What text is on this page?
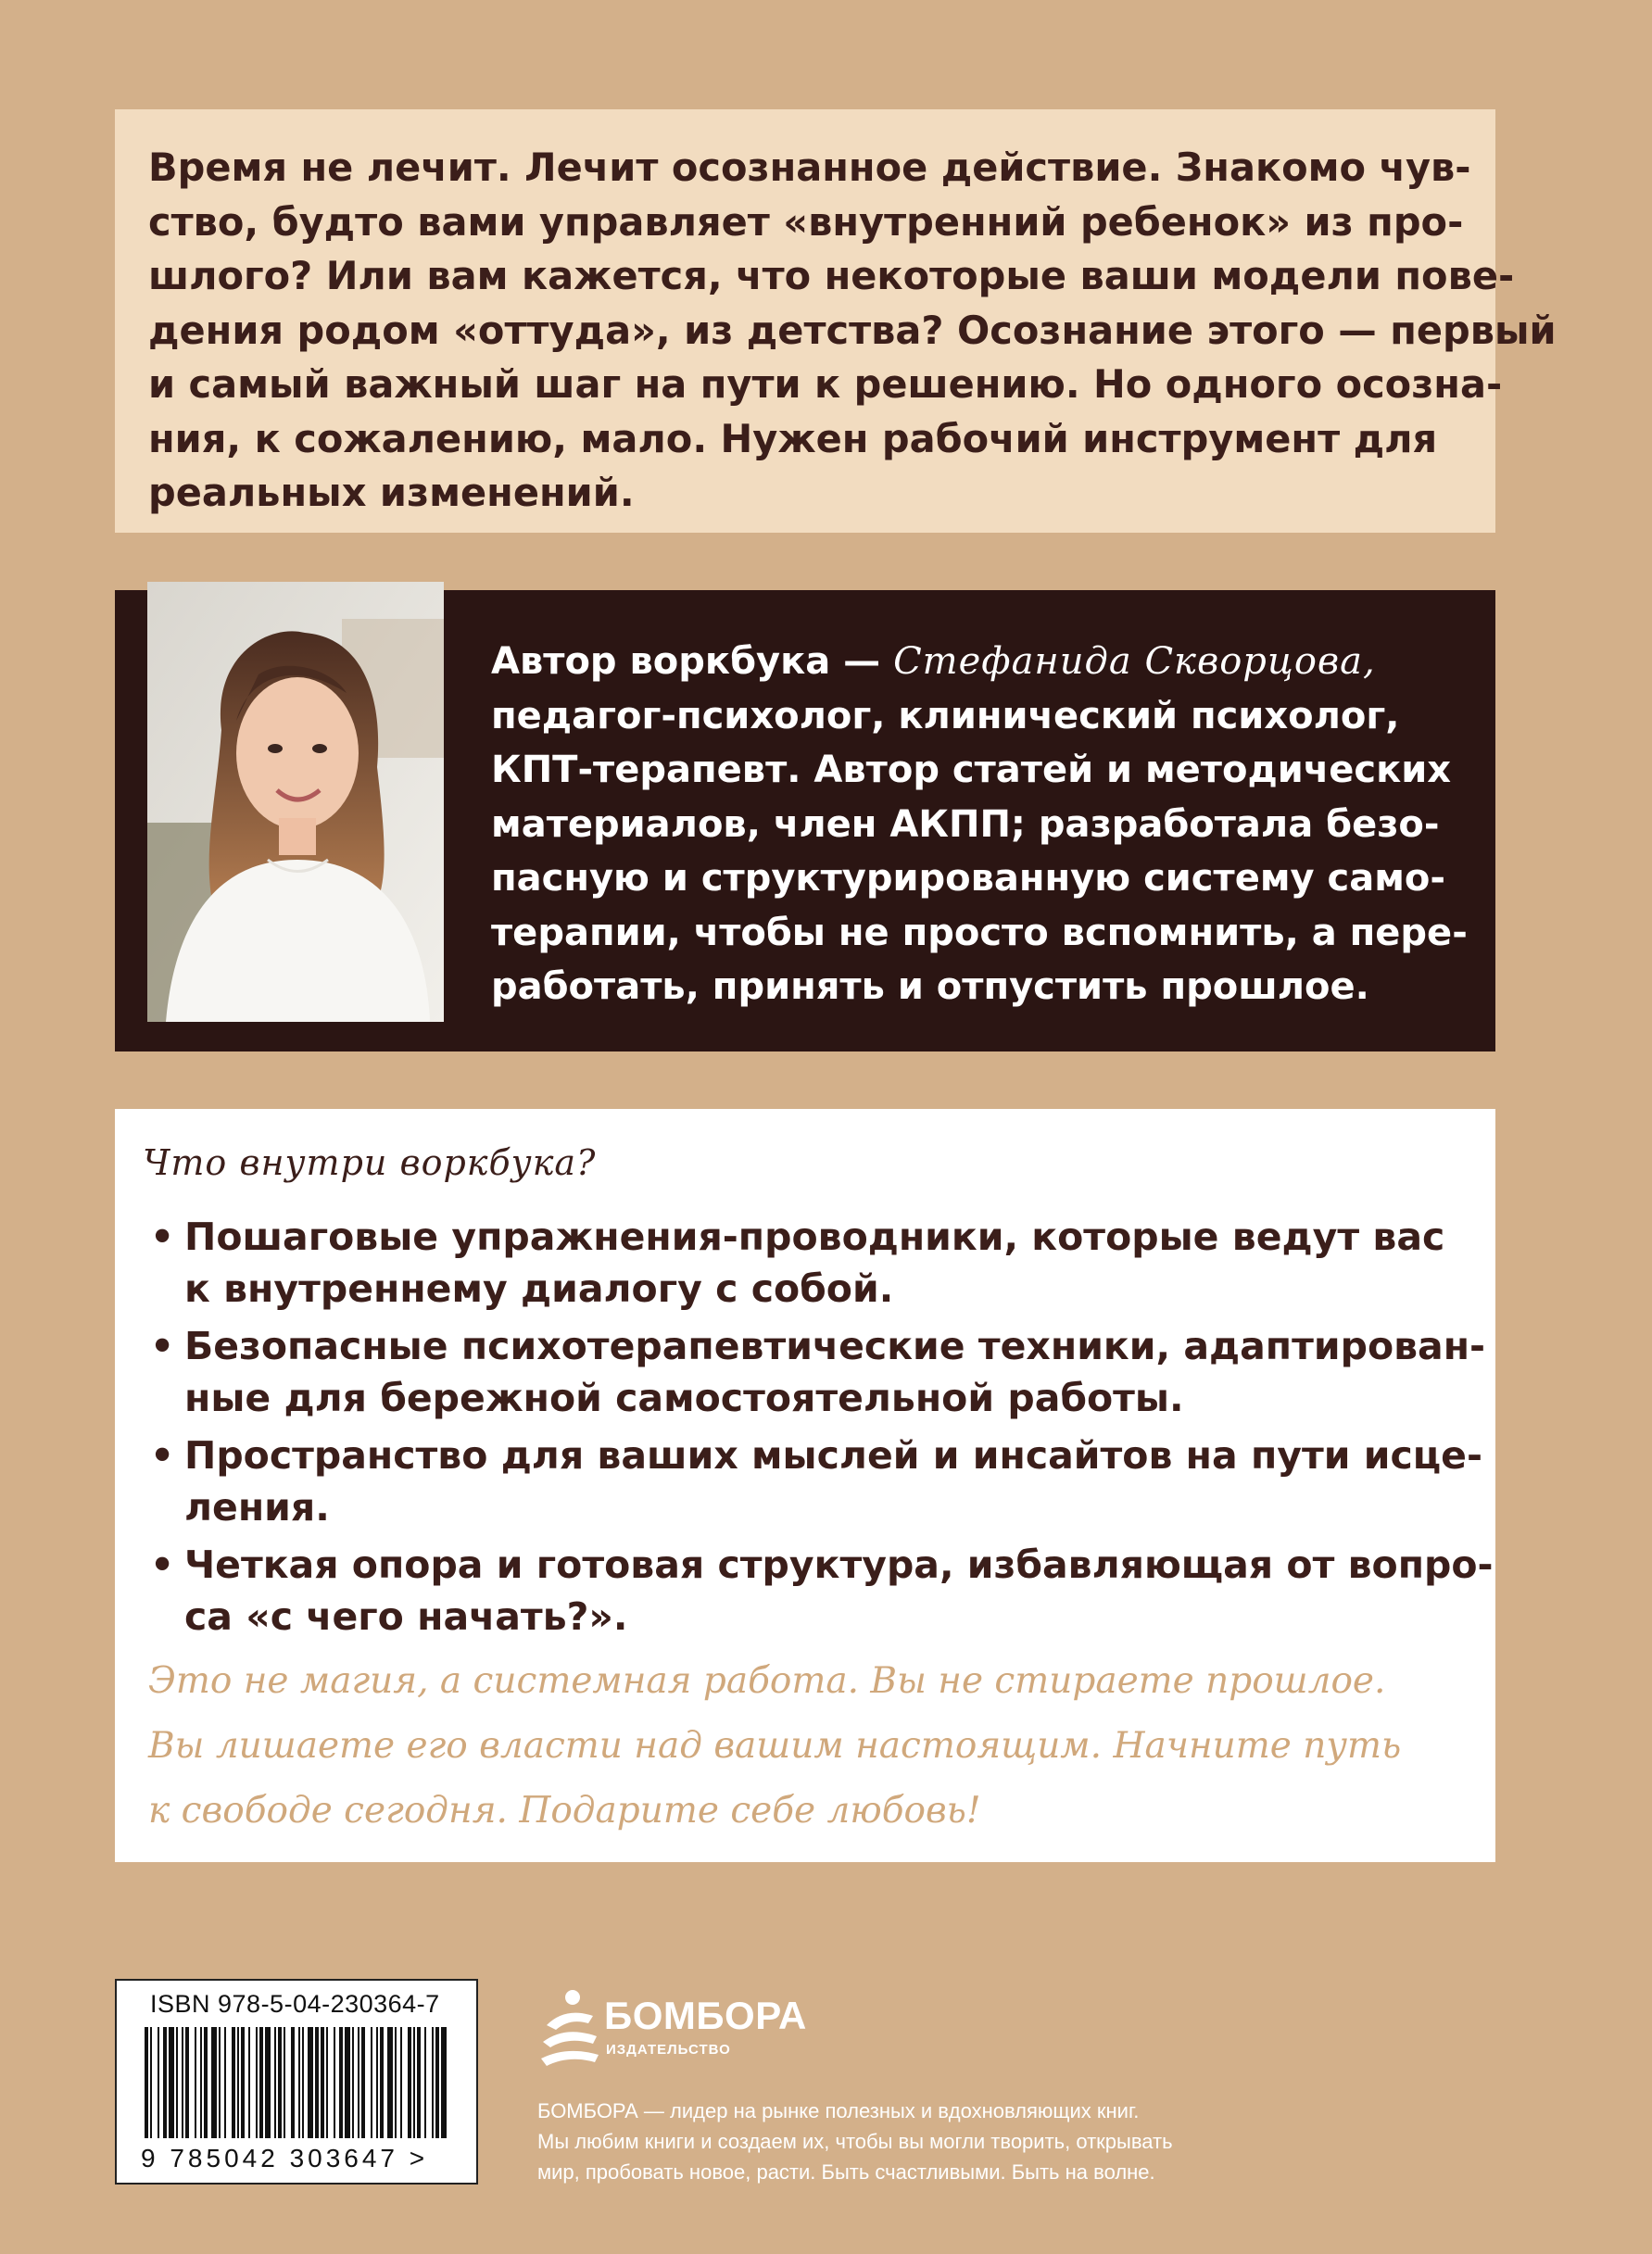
Время не лечит. Лечит осознанное действие. Знакомо чув-
ство, будто вами управляет «внутренний ребенок» из про-
шлого? Или вам кажется, что некоторые ваши модели пове-
дения родом «оттуда», из детства? Осознание этого — первый
и самый важный шаг на пути к решению. Но одного осозна-
ния, к сожалению, мало. Нужен рабочий инструмент для
реальных изменений.
Автор воркбука — Стефанида Скворцова,
педагог-психолог, клинический психолог,
КПТ-терапевт. Автор статей и методических
материалов, член АКПП; разработала безо-
пасную и структурированную систему само-
терапии, чтобы не просто вспомнить, а пере-
работать, принять и отпустить прошлое.
Что внутри воркбука?
• Пошаговые упражнения-проводники, которые ведут вас
к внутреннему диалогу с собой.
• Безопасные психотерапевтические техники, адаптирован-
ные для бережной самостоятельной работы.
• Пространство для ваших мыслей и инсайтов на пути исце-
ления.
• Четкая опора и готовая структура, избавляющая от вопро-
са «с чего начать?».
Это не магия, а системная работа. Вы не стираете прошлое.
Вы лишаете его власти над вашим настоящим. Начните путь
к свободе сегодня. Подарите себе любовь!
ISBN 978-5-04-230364-7
9 785042 303647 >
БОМБОРА
ИЗДАТЕЛЬСТВО
БОМБОРА — лидер на рынке полезных и вдохновляющих книг.
Мы любим книги и создаем их, чтобы вы могли творить, открывать
мир, пробовать новое, расти. Быть счастливыми. Быть на волне.
